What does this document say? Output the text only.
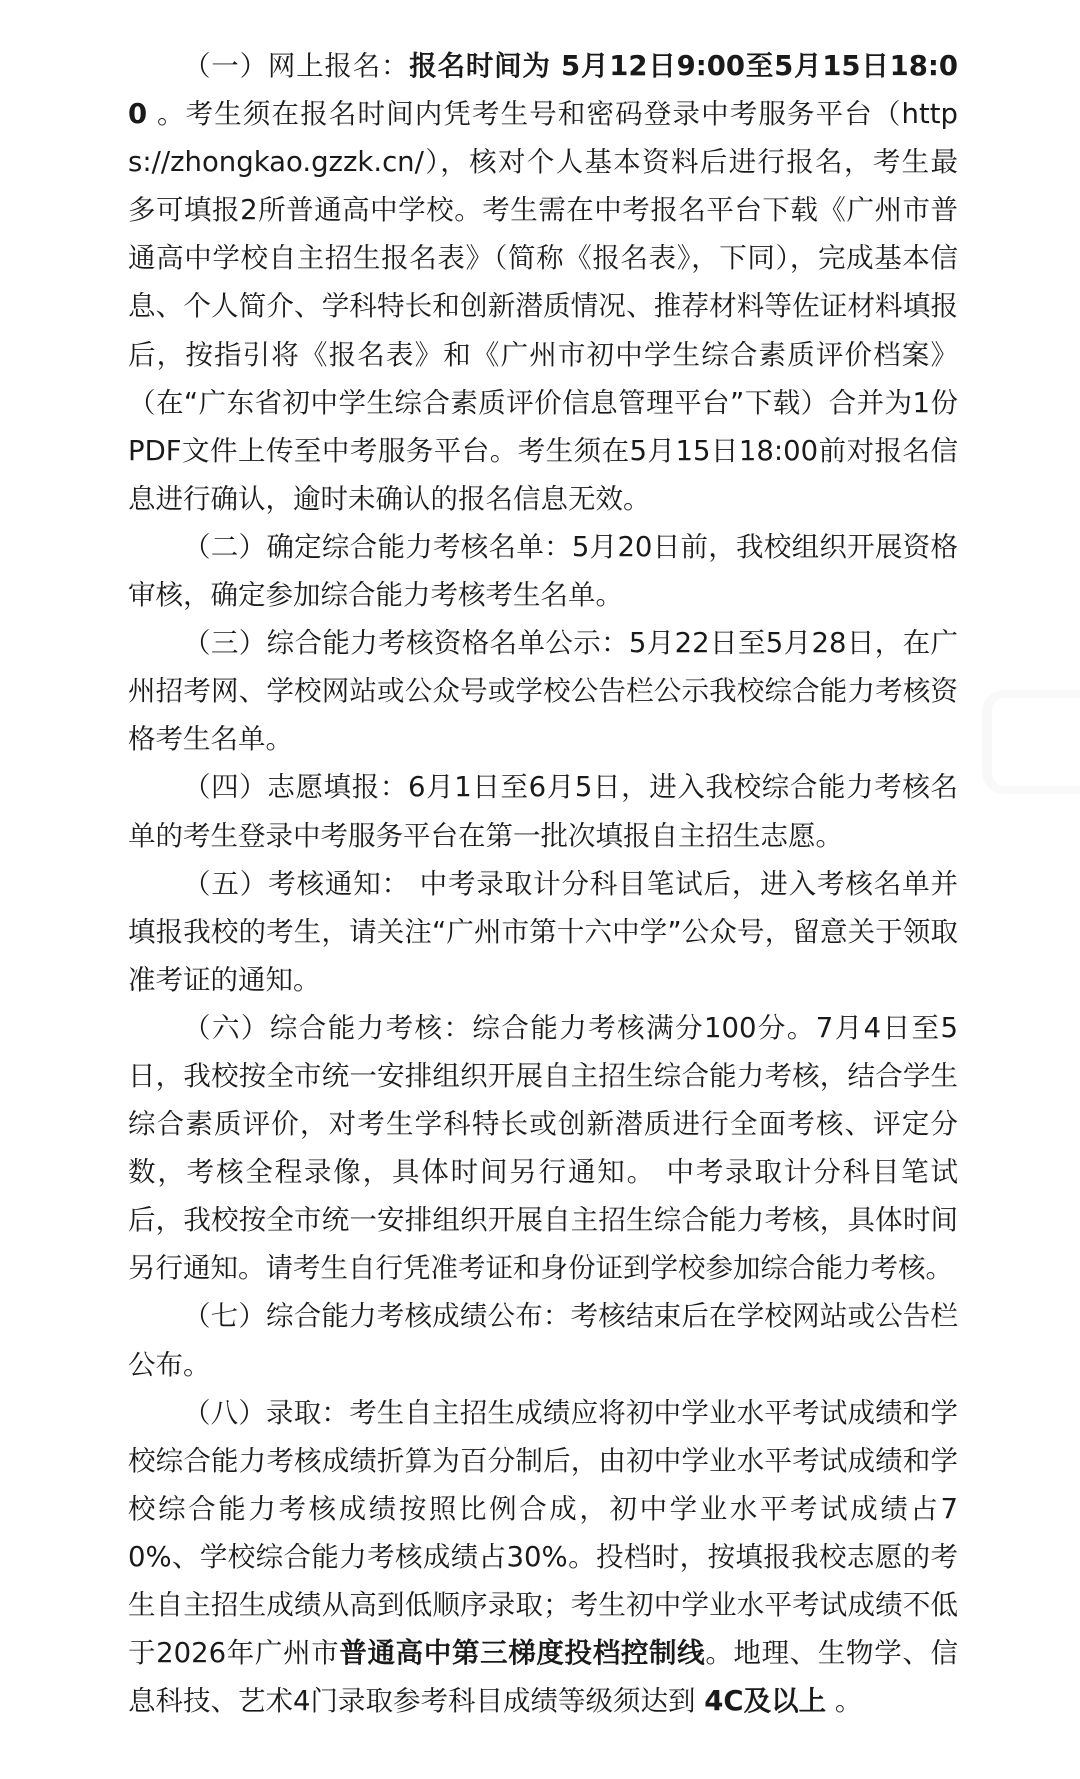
（一）网上报名：报名时间为 5月12日9:00至5月15日18:00 。考生须在报名时间内凭考生号和密码登录中考服务平台（https://zhongkao.gzzk.cn/），核对个人基本资料后进行报名，考生最多可填报2所普通高中学校。考生需在中考报名平台下载《广州市普通高中学校自主招生报名表》（简称《报名表》，下同），完成基本信息、个人简介、学科特长和创新潜质情况、推荐材料等佐证材料填报后，按指引将《报名表》和《广州市初中学生综合素质评价档案》（在“广东省初中学生综合素质评价信息管理平台”下载）合并为1份PDF文件上传至中考服务平台。考生须在5月15日18:00前对报名信息进行确认，逾时未确认的报名信息无效。

（二）确定综合能力考核名单：5月20日前，我校组织开展资格审核，确定参加综合能力考核考生名单。

（三）综合能力考核资格名单公示：5月22日至5月28日，在广州招考网、学校网站或公众号或学校公告栏公示我校综合能力考核资格考生名单。

（四）志愿填报：6月1日至6月5日，进入我校综合能力考核名单的考生登录中考服务平台在第一批次填报自主招生志愿。

（五）考核通知： 中考录取计分科目笔试后，进入考核名单并填报我校的考生，请关注“广州市第十六中学”公众号，留意关于领取准考证的通知。

（六）综合能力考核：综合能力考核满分100分。7月4日至5日，我校按全市统一安排组织开展自主招生综合能力考核，结合学生综合素质评价，对考生学科特长或创新潜质进行全面考核、评定分数，考核全程录像，具体时间另行通知。 中考录取计分科目笔试后，我校按全市统一安排组织开展自主招生综合能力考核，具体时间另行通知。请考生自行凭准考证和身份证到学校参加综合能力考核。

（七）综合能力考核成绩公布：考核结束后在学校网站或公告栏公布。

（八）录取：考生自主招生成绩应将初中学业水平考试成绩和学校综合能力考核成绩折算为百分制后，由初中学业水平考试成绩和学校综合能力考核成绩按照比例合成，初中学业水平考试成绩占70%、学校综合能力考核成绩占30%。投档时，按填报我校志愿的考生自主招生成绩从高到低顺序录取；考生初中学业水平考试成绩不低于2026年广州市普通高中第三梯度投档控制线。地理、生物学、信息科技、艺术4门录取参考科目成绩等级须达到 4C及以上 。
